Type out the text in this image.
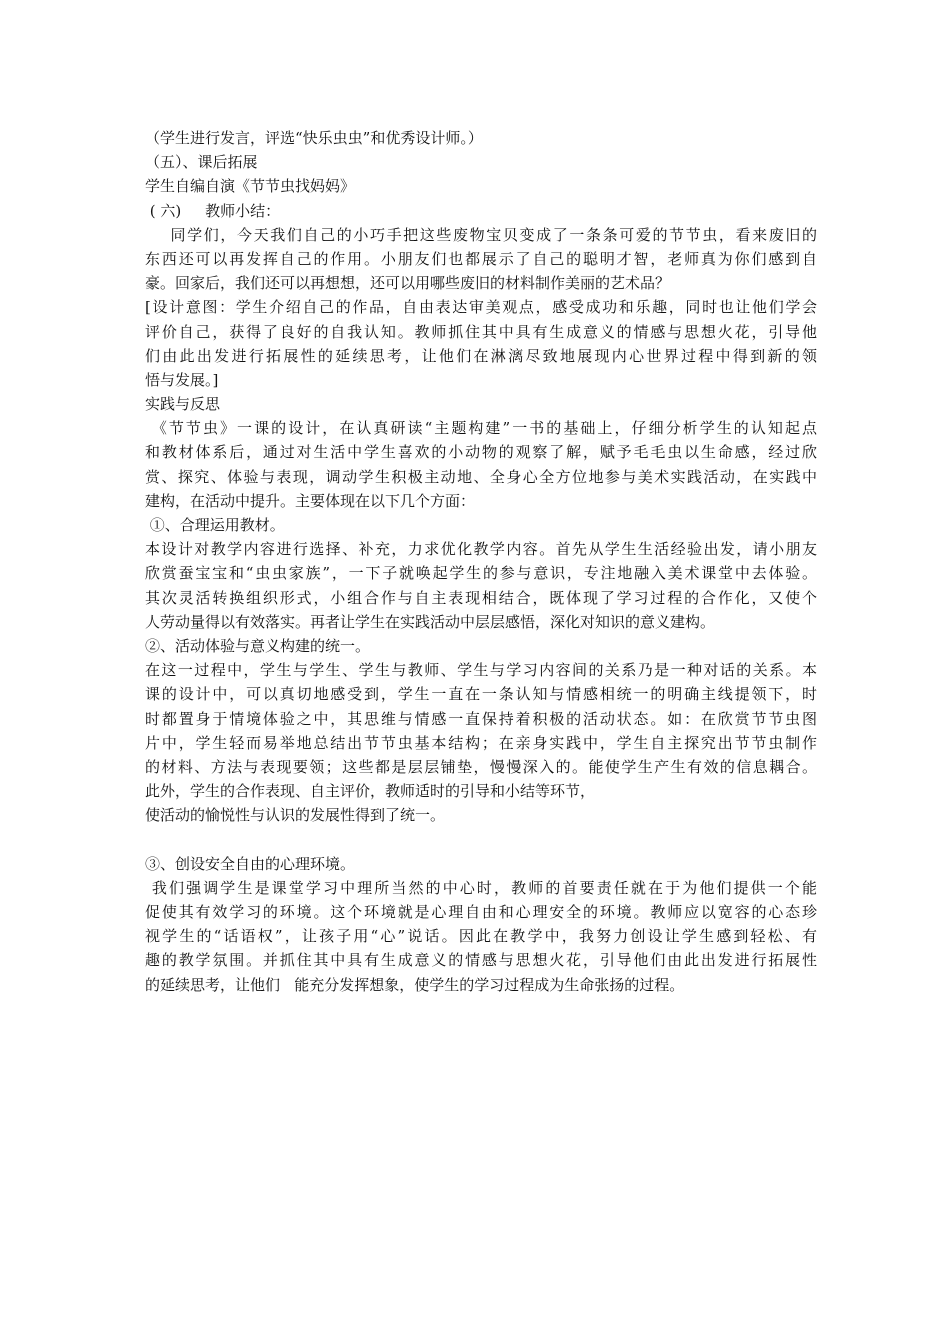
（学生进行发言，评选“快乐虫虫”和优秀设计师。）
（五）、课后拓展
学生自编自演《节节虫找妈妈》
( 六)     教师小结：
同学们，今天我们自己的小巧手把这些废物宝贝变成了一条条可爱的节节虫，看来废旧的
东西还可以再发挥自己的作用。小朋友们也都展示了自己的聪明才智，老师真为你们感到自
豪。回家后，我们还可以再想想，还可以用哪些废旧的材料制作美丽的艺术品？
[设计意图：学生介绍自己的作品，自由表达审美观点，感受成功和乐趣，同时也让他们学会
评价自己，获得了良好的自我认知。教师抓住其中具有生成意义的情感与思想火花，引导他
们由此出发进行拓展性的延续思考，让他们在淋漓尽致地展现内心世界过程中得到新的领
悟与发展。]
实践与反思
《节节虫》一课的设计，在认真研读“主题构建”一书的基础上，仔细分析学生的认知起点
和教材体系后，通过对生活中学生喜欢的小动物的观察了解，赋予毛毛虫以生命感，经过欣
赏、探究、体验与表现，调动学生积极主动地、全身心全方位地参与美术实践活动，在实践中
建构，在活动中提升。主要体现在以下几个方面：
①、合理运用教材。
本设计对教学内容进行选择、补充，力求优化教学内容。首先从学生生活经验出发，请小朋友
欣赏蚕宝宝和“虫虫家族”，一下子就唤起学生的参与意识，专注地融入美术课堂中去体验。
其次灵活转换组织形式，小组合作与自主表现相结合，既体现了学习过程的合作化，又使个
人劳动量得以有效落实。再者让学生在实践活动中层层感悟，深化对知识的意义建构。
②、活动体验与意义构建的统一。
在这一过程中，学生与学生、学生与教师、学生与学习内容间的关系乃是一种对话的关系。本
课的设计中，可以真切地感受到，学生一直在一条认知与情感相统一的明确主线提领下，时
时都置身于情境体验之中，其思维与情感一直保持着积极的活动状态。如：在欣赏节节虫图
片中，学生轻而易举地总结出节节虫基本结构；在亲身实践中，学生自主探究出节节虫制作
的材料、方法与表现要领；这些都是层层铺垫，慢慢深入的。能使学生产生有效的信息耦合。
此外，学生的合作表现、自主评价，教师适时的引导和小结等环节，
使活动的愉悦性与认识的发展性得到了统一。
③、创设安全自由的心理环境。
我们强调学生是课堂学习中理所当然的中心时，教师的首要责任就在于为他们提供一个能
促使其有效学习的环境。这个环境就是心理自由和心理安全的环境。教师应以宽容的心态珍
视学生的“话语权”，让孩子用“心”说话。因此在教学中，我努力创设让学生感到轻松、有
趣的教学氛围。并抓住其中具有生成意义的情感与思想火花，引导他们由此出发进行拓展性
的延续思考，让他们   能充分发挥想象，使学生的学习过程成为生命张扬的过程。
